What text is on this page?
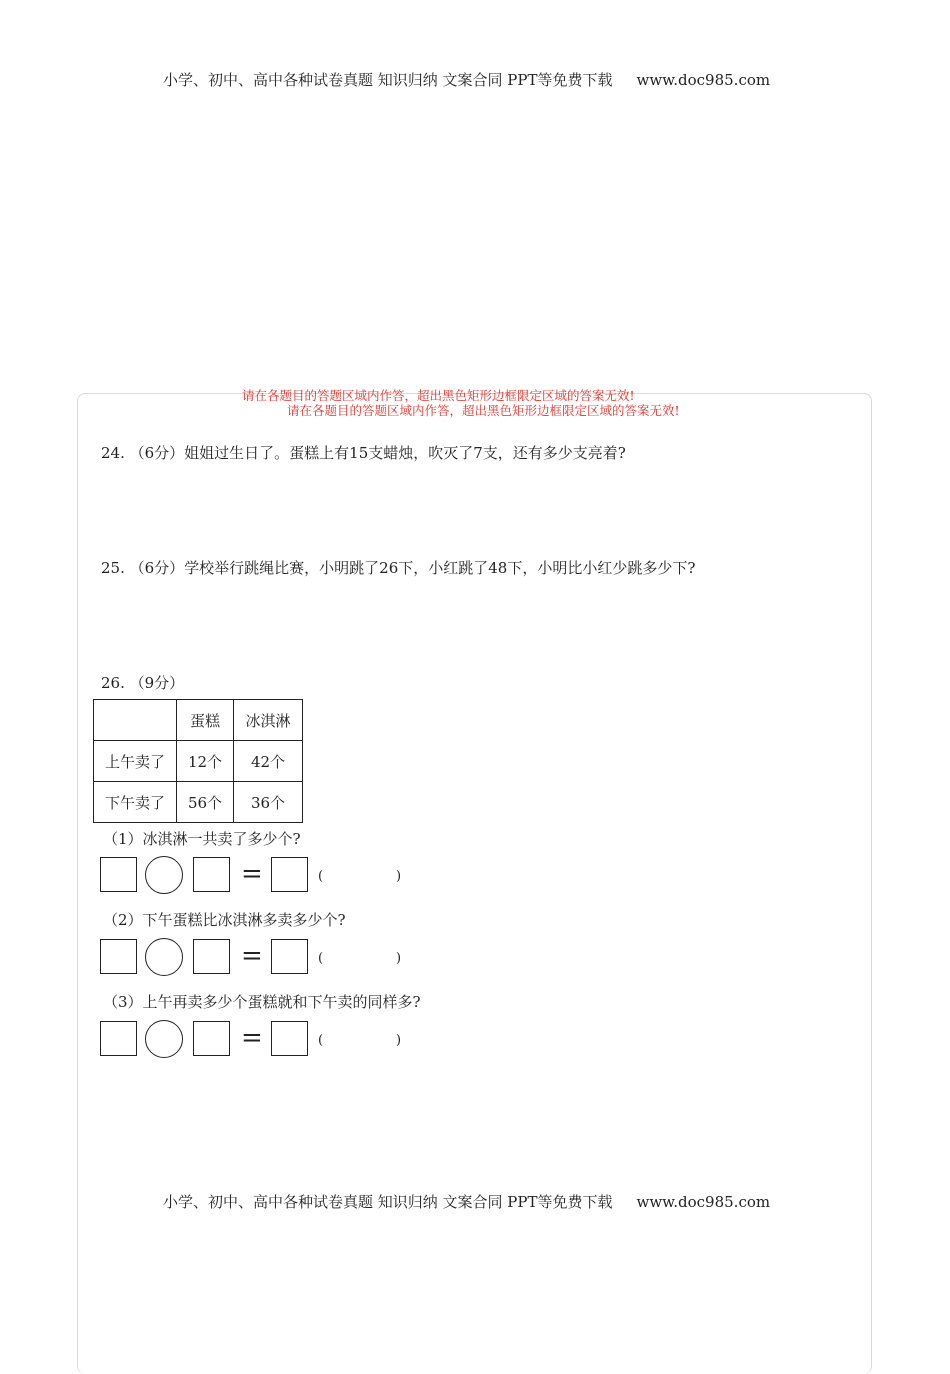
小学、初中、高中各种试卷真题 知识归纳 文案合同 PPT等免费下载 www.doc985.com
请在各题目的答题区域内作答，超出黑色矩形边框限定区域的答案无效!
请在各题目的答题区域内作答，超出黑色矩形边框限定区域的答案无效!
24. （6分）姐姐过生日了。蛋糕上有15支蜡烛，吹灭了7支，还有多少支亮着?
25. （6分）学校举行跳绳比赛，小明跳了26下，小红跳了48下，小明比小红少跳多少下?
26. （9分）
	蛋糕	冰淇淋
上午卖了	12个	42个
下午卖了	56个	36个
（1）冰淇淋一共卖了多少个?
=	(	)
（2）下午蛋糕比冰淇淋多卖多少个?
=	(	)
（3）上午再卖多少个蛋糕就和下午卖的同样多?
=	(	)
小学、初中、高中各种试卷真题 知识归纳 文案合同 PPT等免费下载 www.doc985.com
